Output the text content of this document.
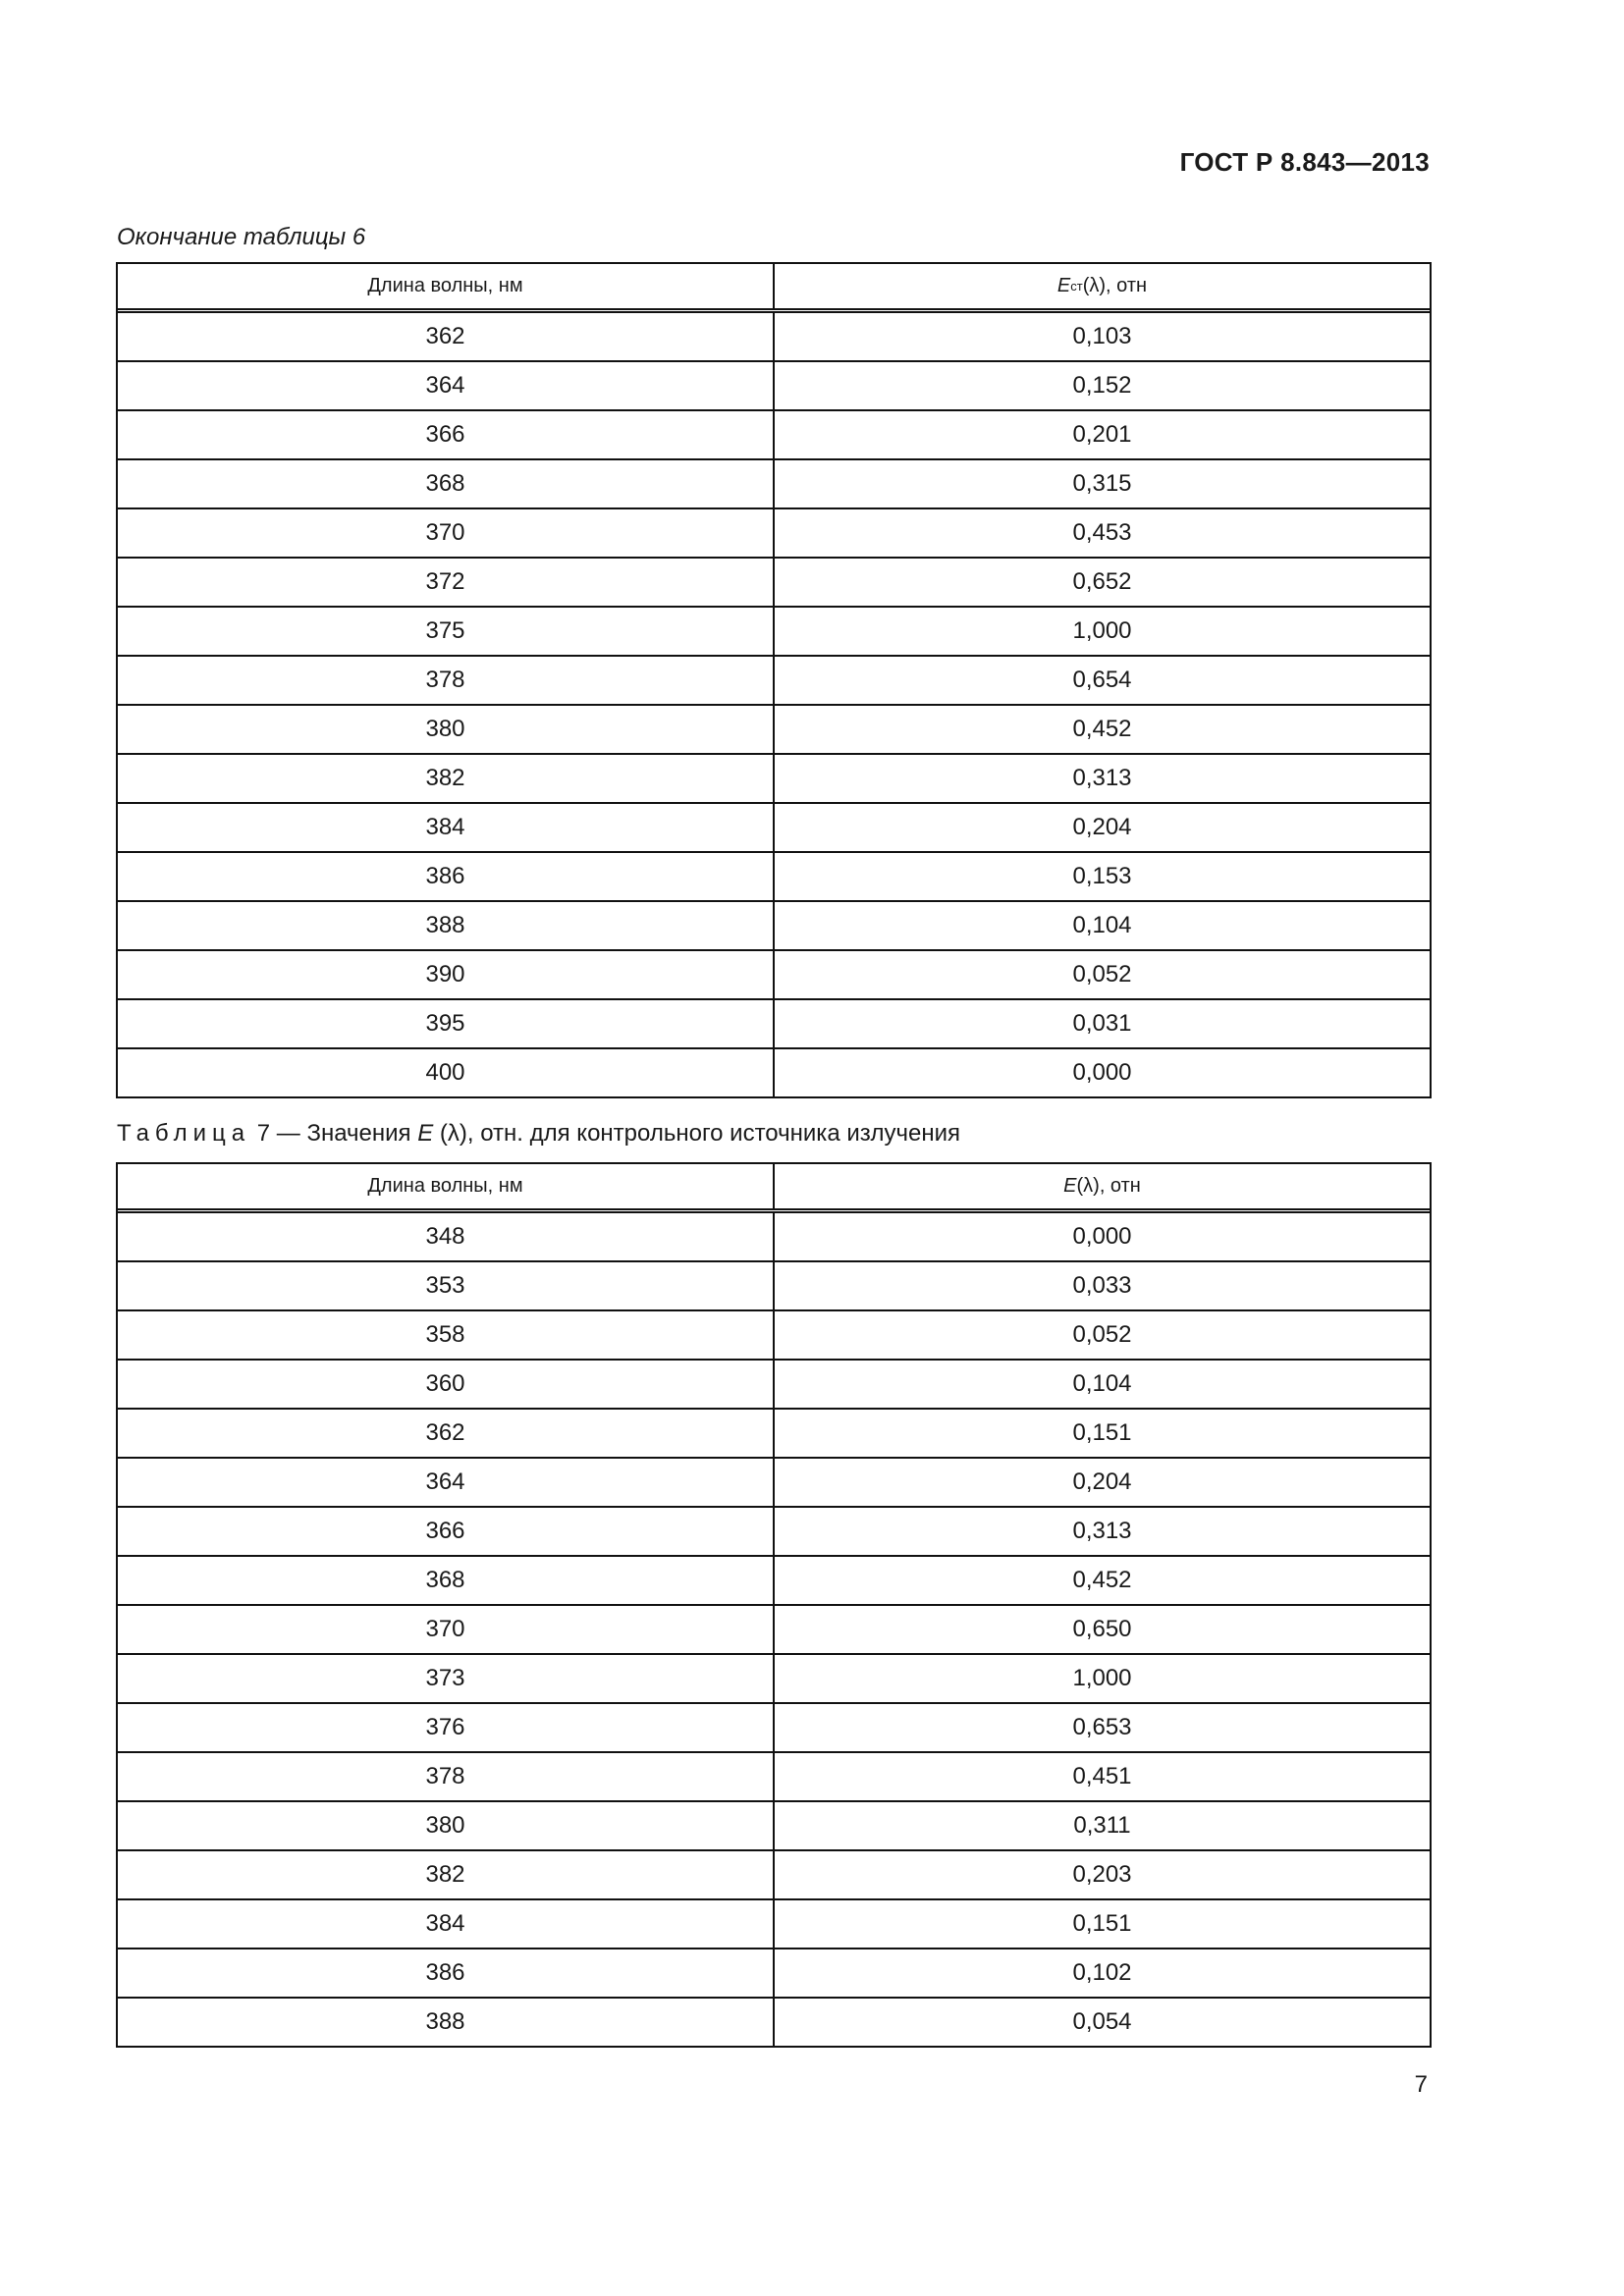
ГОСТ Р 8.843—2013
Окончание таблицы 6
Длина волны, нм	E ст (λ), отн
362	0,103
364	0,152
366	0,201
368	0,315
370	0,453
372	0,652
375	1,000
378	0,654
380	0,452
382	0,313
384	0,204
386	0,153
388	0,104
390	0,052
395	0,031
400	0,000
Таблица 7 — Значения E (λ), отн. для контрольного источника излучения
Длина волны, нм	E (λ), отн
348	0,000
353	0,033
358	0,052
360	0,104
362	0,151
364	0,204
366	0,313
368	0,452
370	0,650
373	1,000
376	0,653
378	0,451
380	0,311
382	0,203
384	0,151
386	0,102
388	0,054
7
